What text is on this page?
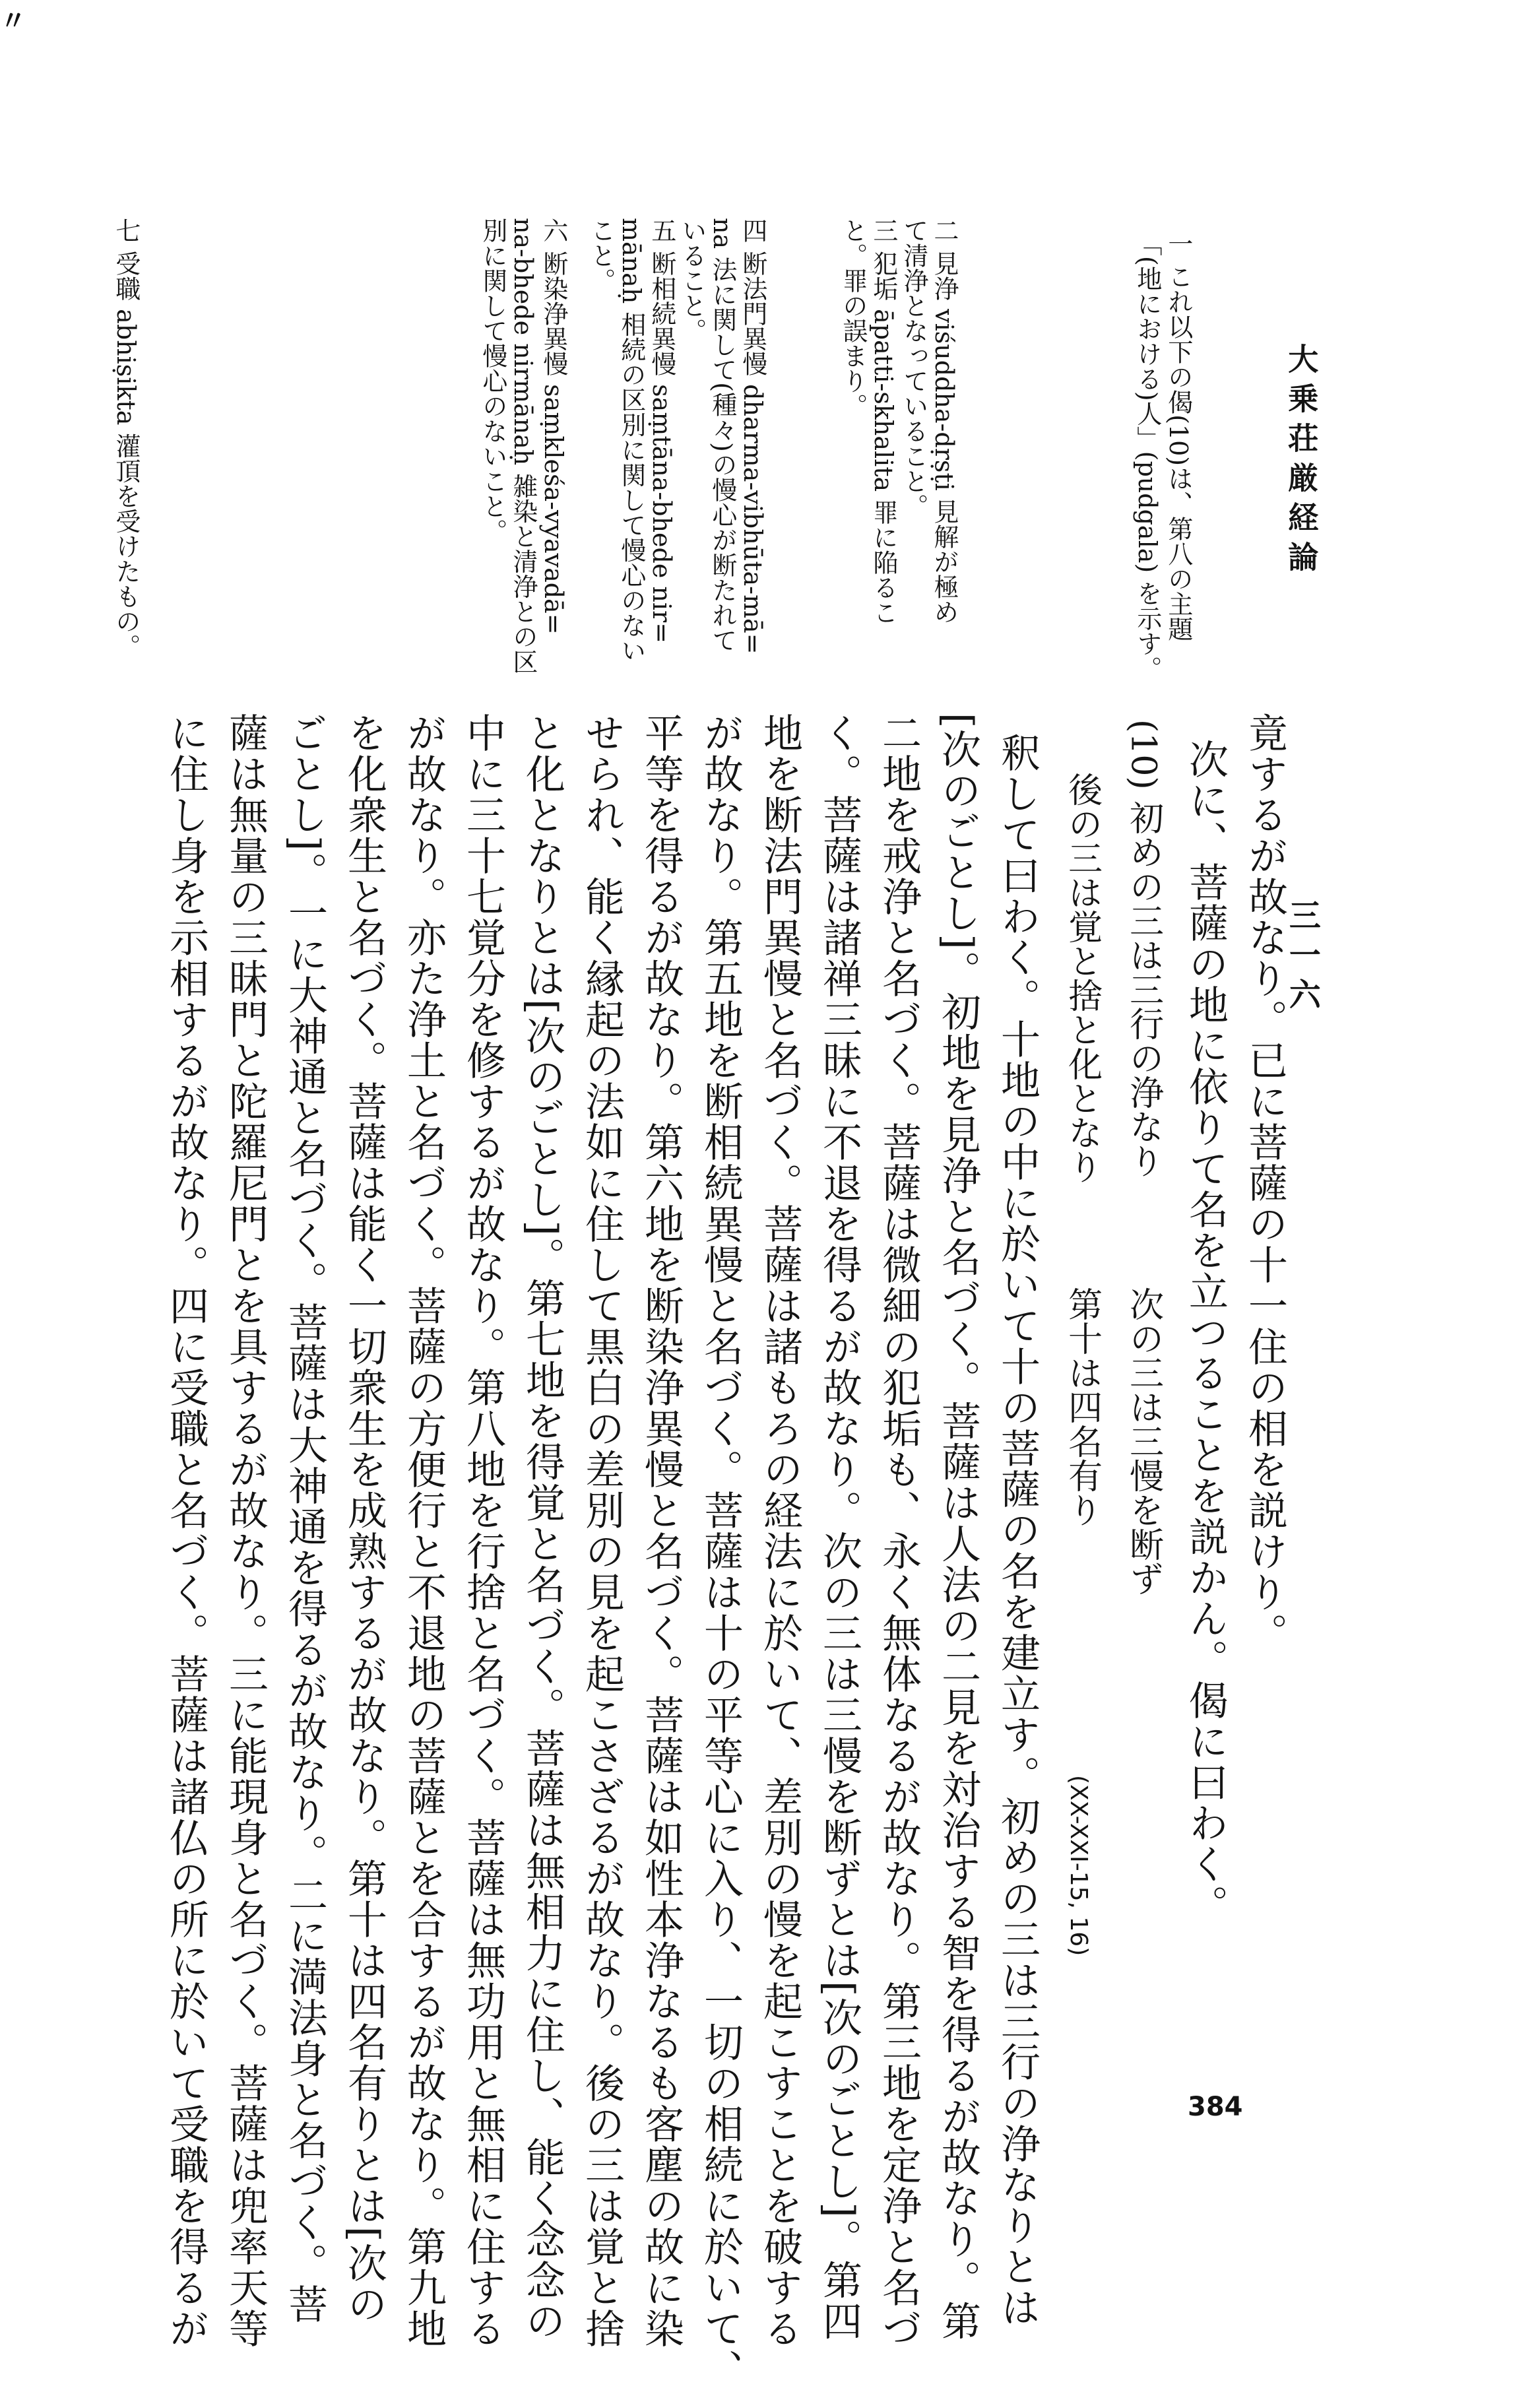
〃
大乗荘厳経論
三一六
一 これ以下の偈(10)は、第八の主題
「(地における)人」(pudgala) を示す。
二 見浄 viśuddha-dṛṣṭi 見解が極め
て清浄となっていること。
三 犯垢 āpatti-skhalita 罪に陥るこ
と。罪の誤まり。
四 断法門異慢 dharma-vibhūta-mā=
na 法に関して(種々)の慢心が断たれて
いること。
五 断相続異慢 saṃtāna-bhede nir=
mānaḥ 相続の区別に関して慢心のない
こと。
六 断染浄異慢 saṃkleśa-vyavadā=
na-bhede nirmānaḥ 雑染と清浄との区
別に関して慢心のないこと。
七 受職 abhiṣikta 灌頂を受けたもの。
竟するが故なり。已に菩薩の十一住の相を説けり。
次に、菩薩の地に依りて名を立つることを説かん。偈に曰わく。
(10) 初めの三は三行の浄なり
次の三は三慢を断ず
(XX-XXI-15, 16)
後の三は覚と捨と化となり
第十は四名有り
釈して曰わく。十地の中に於いて十の菩薩の名を建立す。初めの三は三行の浄なりとは
[次のごとし]。初地を見浄と名づく。菩薩は人法の二見を対治する智を得るが故なり。第
二地を戒浄と名づく。菩薩は微細の犯垢も、永く無体なるが故なり。第三地を定浄と名づ
く。菩薩は諸禅三昧に不退を得るが故なり。次の三は三慢を断ずとは[次のごとし]。第四
地を断法門異慢と名づく。菩薩は諸もろの経法に於いて、差別の慢を起こすことを破する
が故なり。第五地を断相続異慢と名づく。菩薩は十の平等心に入り、一切の相続に於いて、
平等を得るが故なり。第六地を断染浄異慢と名づく。菩薩は如性本浄なるも客塵の故に染
せられ、能く縁起の法如に住して黒白の差別の見を起こさざるが故なり。後の三は覚と捨
と化となりとは[次のごとし]。第七地を得覚と名づく。菩薩は無相力に住し、能く念念の
中に三十七覚分を修するが故なり。第八地を行捨と名づく。菩薩は無功用と無相に住する
が故なり。亦た浄土と名づく。菩薩の方便行と不退地の菩薩とを合するが故なり。第九地
を化衆生と名づく。菩薩は能く一切衆生を成熟するが故なり。第十は四名有りとは[次の
ごとし]。一に大神通と名づく。菩薩は大神通を得るが故なり。二に満法身と名づく。菩
薩は無量の三昧門と陀羅尼門とを具するが故なり。三に能現身と名づく。菩薩は兜率天等
に住し身を示相するが故なり。四に受職と名づく。菩薩は諸仏の所に於いて受職を得るが	384
